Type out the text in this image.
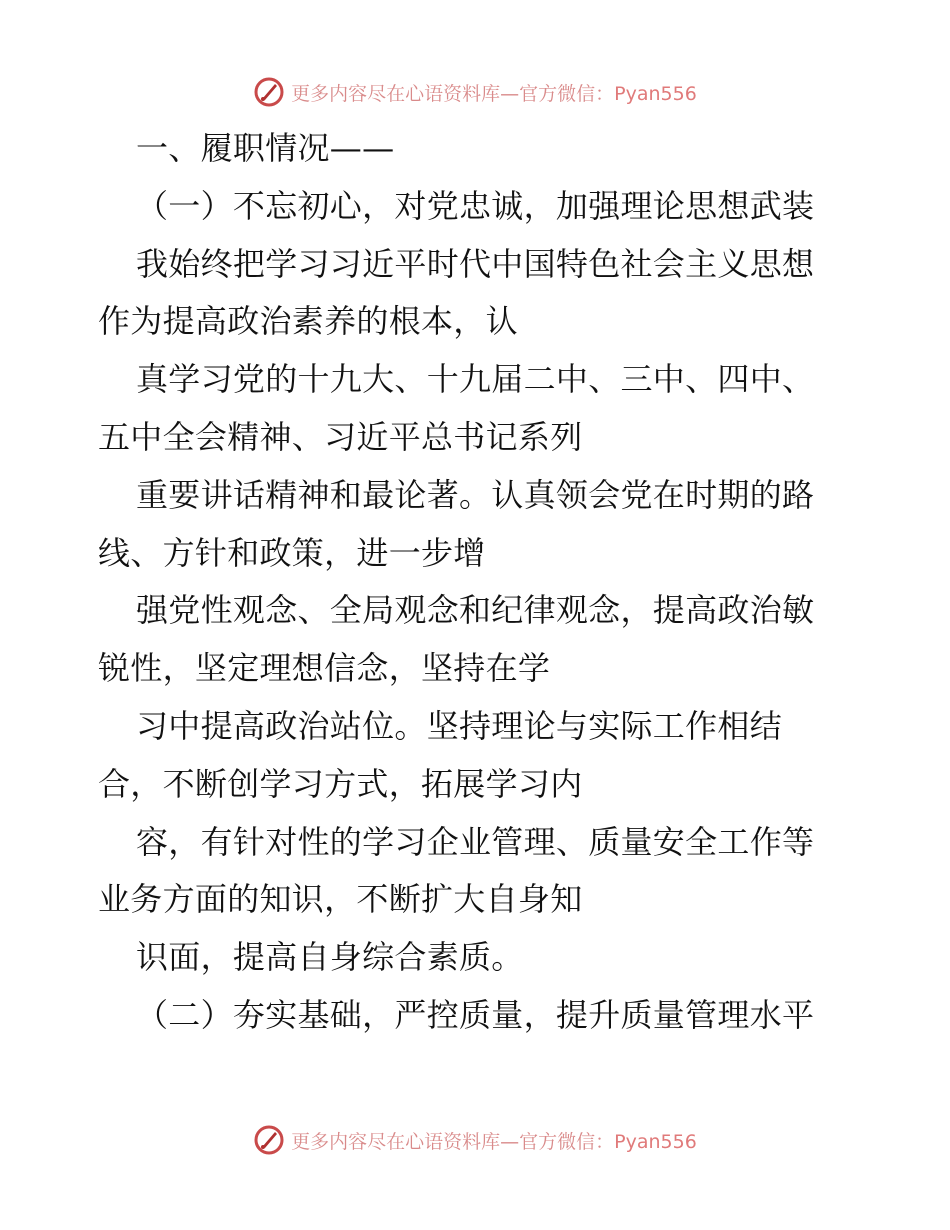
更多内容尽在心语资料库—官方微信：Pyan556
一、履职情况——
（一）不忘初心，对党忠诚，加强理论思想武装
我始终把学习习近平时代中国特色社会主义思想
作为提高政治素养的根本，认
真学习党的十九大、十九届二中、三中、四中、
五中全会精神、习近平总书记系列
重要讲话精神和最论著。认真领会党在时期的路
线、方针和政策，进一步增
强党性观念、全局观念和纪律观念，提高政治敏
锐性，坚定理想信念，坚持在学
习中提高政治站位。坚持理论与实际工作相结
合，不断创学习方式，拓展学习内
容，有针对性的学习企业管理、质量安全工作等
业务方面的知识，不断扩大自身知
识面，提高自身综合素质。
（二）夯实基础，严控质量，提升质量管理水平
更多内容尽在心语资料库—官方微信：Pyan556
